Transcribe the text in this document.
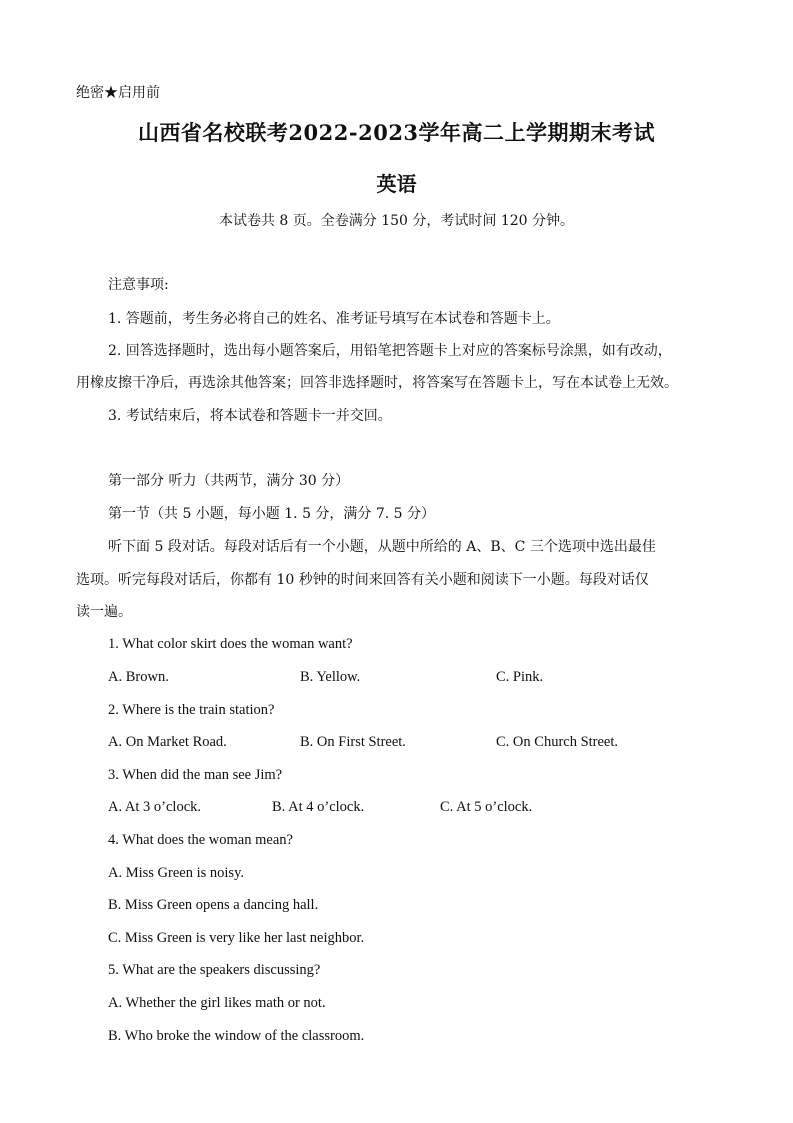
绝密★启用前
山西省名校联考2022-2023学年高二上学期期末考试
英语
本试卷共 8 页。全卷满分 150 分，考试时间 120 分钟。
注意事项:
1. 答题前，考生务必将自己的姓名、准考证号填写在本试卷和答题卡上。
2. 回答选择题时，选出每小题答案后，用铅笔把答题卡上对应的答案标号涂黑，如有改动，
用橡皮擦干净后，再选涂其他答案；回答非选择题时，将答案写在答题卡上，写在本试卷上无效。
3. 考试结束后，将本试卷和答题卡一并交回。
第一部分 听力（共两节，满分 30 分）
第一节（共 5 小题，每小题 1. 5 分，满分 7. 5 分）
听下面 5 段对话。每段对话后有一个小题，从题中所给的 A、B、C 三个选项中选出最佳
选项。听完每段对话后，你都有 10 秒钟的时间来回答有关小题和阅读下一小题。每段对话仅
读一遍。
1. What color skirt does the woman want?
A. Brown.	B. Yellow.	C. Pink.
2. Where is the train station?
A. On Market Road.	B. On First Street.	C. On Church Street.
3. When did the man see Jim?
A. At 3 o’clock.	B. At 4 o’clock.	C. At 5 o’clock.
4. What does the woman mean?
A. Miss Green is noisy.
B. Miss Green opens a dancing hall.
C. Miss Green is very like her last neighbor.
5. What are the speakers discussing?
A. Whether the girl likes math or not.
B. Who broke the window of the classroom.
